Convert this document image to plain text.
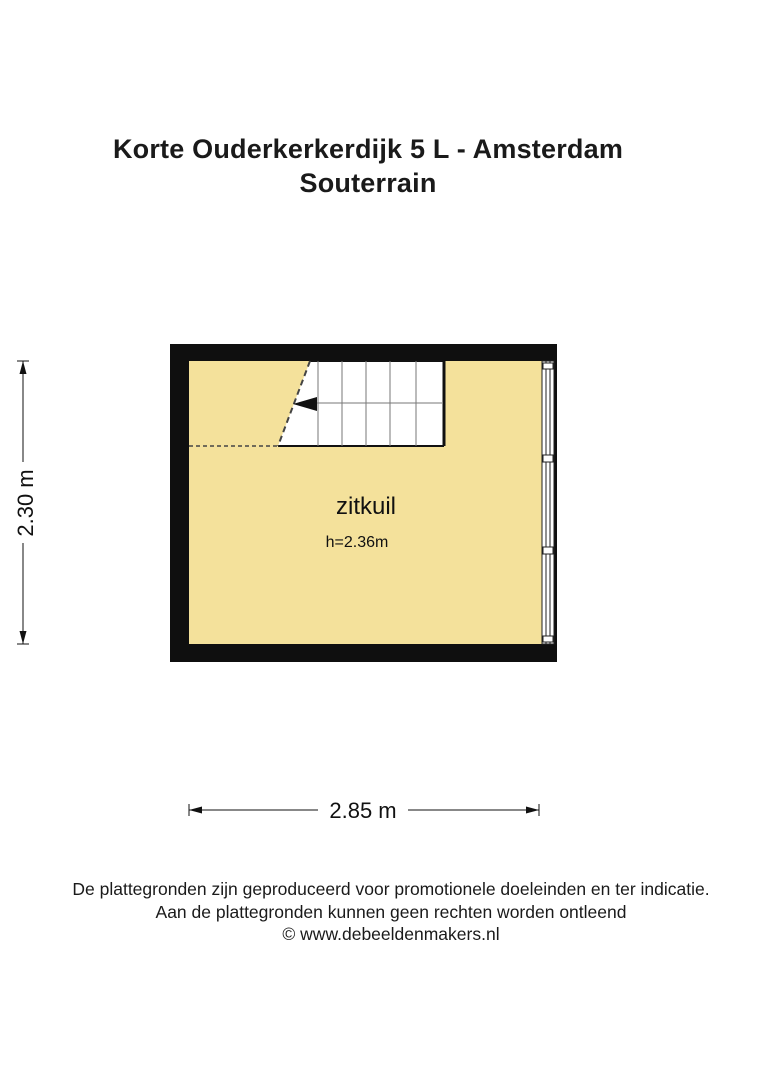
Korte Ouderkerkerdijk 5 L - Amsterdam
Souterrain
zitkuil
h=2.36m
2.30 m
2.85 m
De plattegronden zijn geproduceerd voor promotionele doeleinden en ter indicatie.
Aan de plattegronden kunnen geen rechten worden ontleend
© www.debeeldenmakers.nl
